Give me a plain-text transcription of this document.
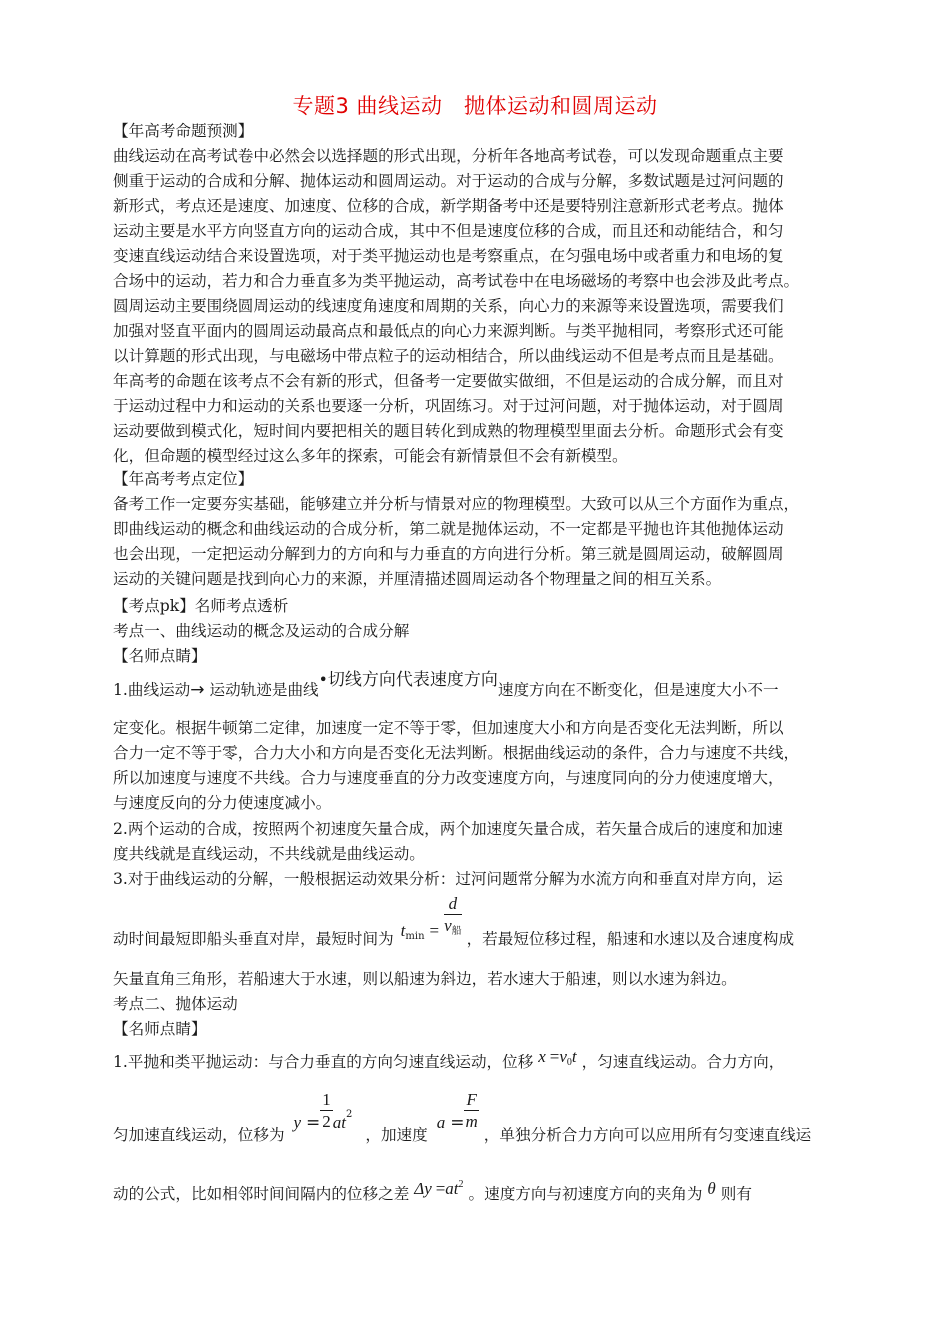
专题3 曲线运动　抛体运动和圆周运动
【年高考命题预测】
曲线运动在高考试卷中必然会以选择题的形式出现，分析年各地高考试卷，可以发现命题重点主要
侧重于运动的合成和分解、抛体运动和圆周运动。对于运动的合成与分解，多数试题是过河问题的
新形式，考点还是速度、加速度、位移的合成，新学期备考中还是要特别注意新形式老考点。抛体
运动主要是水平方向竖直方向的运动合成，其中不但是速度位移的合成，而且还和动能结合，和匀
变速直线运动结合来设置选项，对于类平抛运动也是考察重点，在匀强电场中或者重力和电场的复
合场中的运动，若力和合力垂直多为类平抛运动，高考试卷中在电场磁场的考察中也会涉及此考点。
圆周运动主要围绕圆周运动的线速度角速度和周期的关系，向心力的来源等来设置选项，需要我们
加强对竖直平面内的圆周运动最高点和最低点的向心力来源判断。与类平抛相同，考察形式还可能
以计算题的形式出现，与电磁场中带点粒子的运动相结合，所以曲线运动不但是考点而且是基础。
年高考的命题在该考点不会有新的形式，但备考一定要做实做细，不但是运动的合成分解，而且对
于运动过程中力和运动的关系也要逐一分析，巩固练习。对于过河问题，对于抛体运动，对于圆周
运动要做到模式化，短时间内要把相关的题目转化到成熟的物理模型里面去分析。命题形式会有变
化，但命题的模型经过这么多年的探索，可能会有新情景但不会有新模型。
【年高考考点定位】
备考工作一定要夯实基础，能够建立并分析与情景对应的物理模型。大致可以从三个方面作为重点，
即曲线运动的概念和曲线运动的合成分析，第二就是抛体运动，不一定都是平抛也许其他抛体运动
也会出现，一定把运动分解到力的方向和与力垂直的方向进行分析。第三就是圆周运动，破解圆周
运动的关键问题是找到向心力的来源，并厘清描述圆周运动各个物理量之间的相互关系。
【考点pk】名师考点透析
考点一、曲线运动的概念及运动的合成分解
【名师点睛】
1.曲线运动→ 运动轨迹是曲线•切线方向代表速度方向速度方向在不断变化，但是速度大小不一
定变化。根据牛顿第二定律，加速度一定不等于零，但加速度大小和方向是否变化无法判断，所以
合力一定不等于零，合力大小和方向是否变化无法判断。根据曲线运动的条件，合力与速度不共线，
所以加速度与速度不共线。合力与速度垂直的分力改变速度方向，与速度同向的分力使速度增大，
与速度反向的分力使速度减小。
2.两个运动的合成，按照两个初速度矢量合成，两个加速度矢量合成，若矢量合成后的速度和加速
度共线就是直线运动，不共线就是曲线运动。
3.对于曲线运动的分解，一般根据运动效果分析：过河问题常分解为水流方向和垂直对岸方向，运
动时间最短即船头垂直对岸，最短时间为 $t_{min} = \frac{d}{v_船}$ ，若最短位移过程，船速和水速以及合速度构成
矢量直角三角形，若船速大于水速，则以船速为斜边，若水速大于船速，则以水速为斜边。
考点二、抛体运动
【名师点睛】
1.平抛和类平抛运动：与合力垂直的方向匀速直线运动，位移 $x =v_0t$ ，匀速直线运动。合力方向，
匀加速直线运动，位移为 $y = \frac{1}{2} at^2$ ，加速度 $a = \frac{F}{m}$
，单独分析合力方向可以应用所有匀变速直线运
动的公式，比如相邻时间间隔内的位移之差 $\Delta y =at^2$ 。速度方向与初速度方向的夹角为 θ 则有
